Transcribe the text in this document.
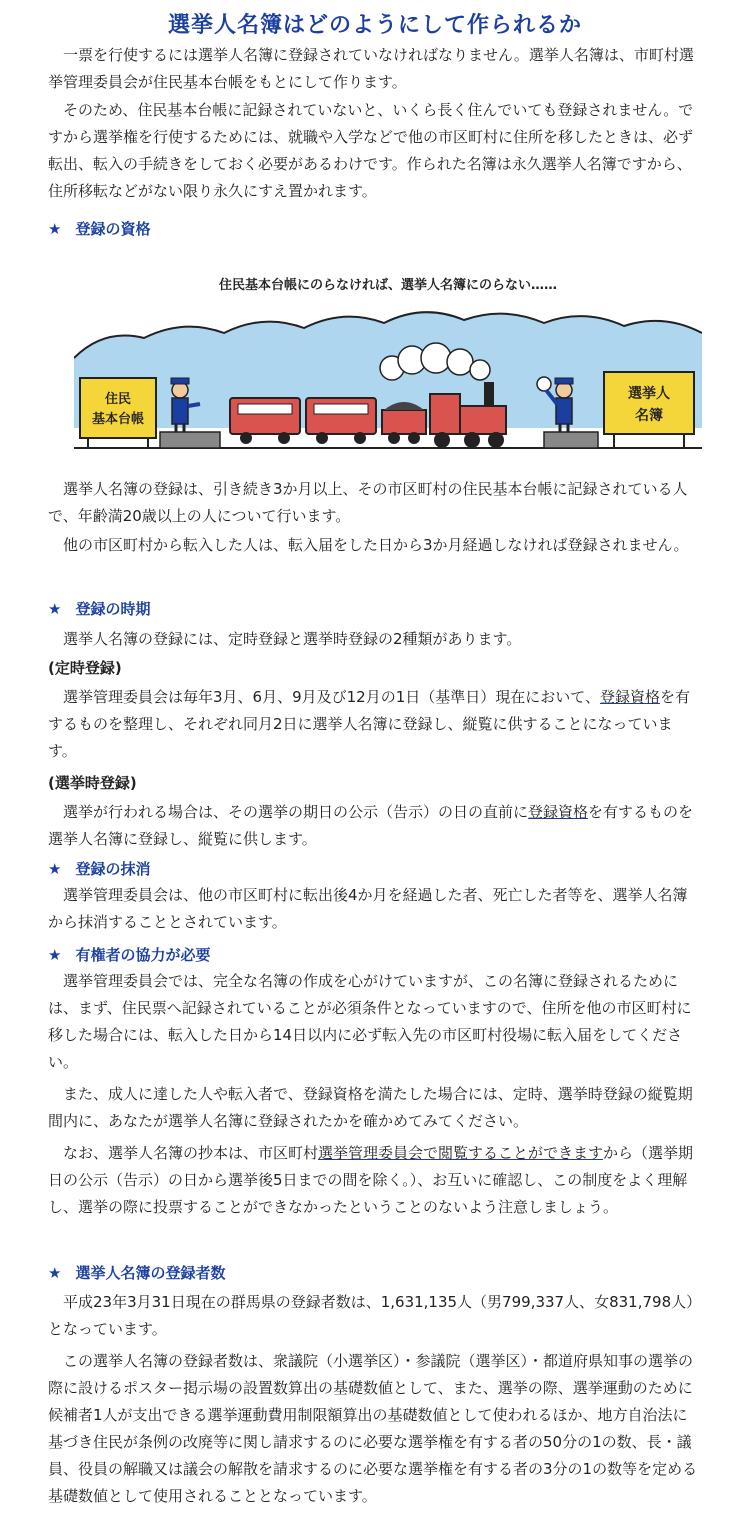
選挙人名簿はどのようにして作られるか

一票を行使するには選挙人名簿に登録されていなければなりません。選挙人名簿は、市町村選挙管理委員会が住民基本台帳をもとにして作ります。

そのため、住民基本台帳に記録されていないと、いくら長く住んでいても登録されません。ですから選挙権を行使するためには、就職や入学などで他の市区町村に住所を移したときは、必ず転出、転入の手続きをしておく必要があるわけです。作られた名簿は永久選挙人名簿ですから、住所移転などがない限り永久にすえ置かれます。

★ 登録の資格
住民基本台帳にのらなければ、選挙人名簿にのらない……
住民
基本台帳
選挙人
名簿

選挙人名簿の登録は、引き続き3か月以上、その市区町村の住民基本台帳に記録されている人で、年齢満20歳以上の人について行います。

他の市区町村から転入した人は、転入届をした日から3か月経過しなければ登録されません。

★ 登録の時期

選挙人名簿の登録には、定時登録と選挙時登録の2種類があります。

(定時登録)

選挙管理委員会は毎年3月、6月、9月及び12月の1日（基準日）現在において、登録資格を有するものを整理し、それぞれ同月2日に選挙人名簿に登録し、縦覧に供することになっています。

(選挙時登録)

選挙が行われる場合は、その選挙の期日の公示（告示）の日の直前に登録資格を有するものを選挙人名簿に登録し、縦覧に供します。

★ 登録の抹消

選挙管理委員会は、他の市区町村に転出後4か月を経過した者、死亡した者等を、選挙人名簿から抹消することとされています。

★ 有権者の協力が必要

選挙管理委員会では、完全な名簿の作成を心がけていますが、この名簿に登録されるためには、まず、住民票へ記録されていることが必須条件となっていますので、住所を他の市区町村に移した場合には、転入した日から14日以内に必ず転入先の市区町村役場に転入届をしてください。

また、成人に達した人や転入者で、登録資格を満たした場合には、定時、選挙時登録の縦覧期間内に、あなたが選挙人名簿に登録されたかを確かめてみてください。

なお、選挙人名簿の抄本は、市区町村選挙管理委員会で閲覧することができますから（選挙期日の公示（告示）の日から選挙後5日までの間を除く。）、お互いに確認し、この制度をよく理解し、選挙の際に投票することができなかったということのないよう注意しましょう。

★ 選挙人名簿の登録者数

平成23年3月31日現在の群馬県の登録者数は、1,631,135人（男799,337人、女831,798人）となっています。

この選挙人名簿の登録者数は、衆議院（小選挙区）・参議院（選挙区）・都道府県知事の選挙の際に設けるポスター掲示場の設置数算出の基礎数値として、また、選挙の際、選挙運動のために候補者1人が支出できる選挙運動費用制限額算出の基礎数値として使われるほか、地方自治法に基づき住民が条例の改廃等に関し請求するのに必要な選挙権を有する者の50分の1の数、長・議員、役員の解職又は議会の解散を請求するのに必要な選挙権を有する者の3分の1の数等を定める基礎数値として使用されることとなっています。
